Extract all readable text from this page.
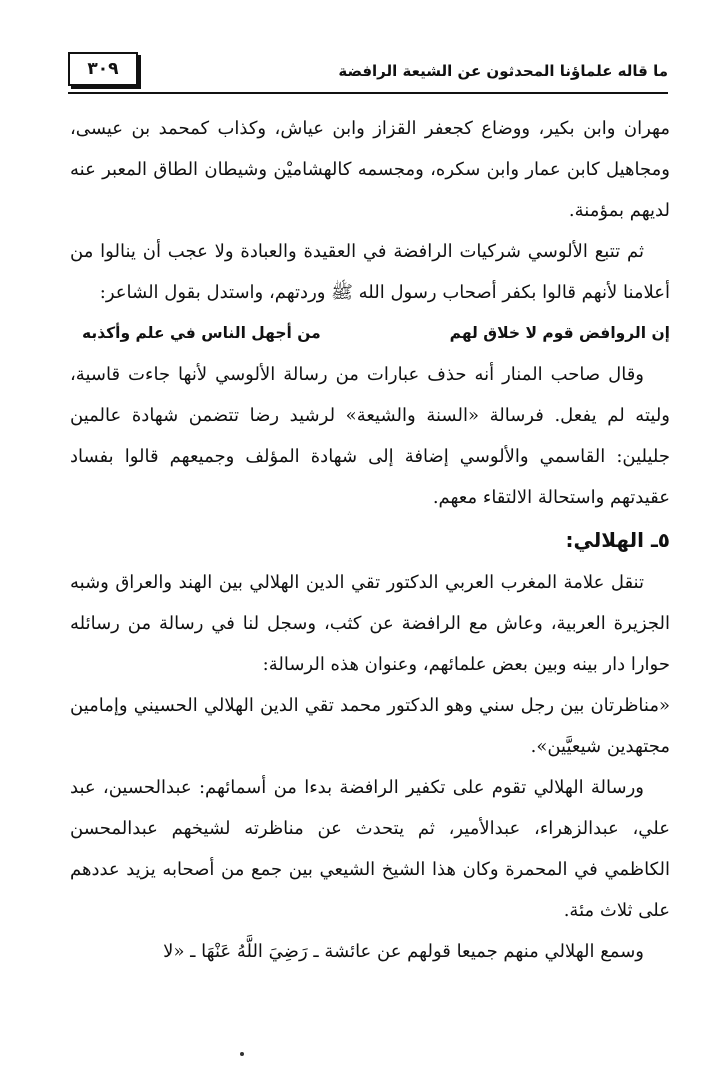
٣٠٩	ما قاله علماؤنا المحدثون عن الشيعة الرافضة

مهران وابن بكير، ووضاع كجعفر القزاز وابن عياش، وكذاب كمحمد بن عيسى، ومجاهيل كابن عمار وابن سكره، ومجسمه كالهشاميْن وشيطان الطاق المعبر عنه لديهم بمؤمنة.

ثم تتبع الألوسي شركيات الرافضة في العقيدة والعبادة ولا عجب أن ينالوا من أعلامنا لأنهم قالوا بكفر أصحاب رسول الله ﷺ وردتهم، واستدل بقول الشاعر:

إن الروافض قوم لا خلاق لهم
من أجهل الناس في علم وأكذبه

وقال صاحب المنار أنه حذف عبارات من رسالة الألوسي لأنها جاءت قاسية، وليته لم يفعل. فرسالة «السنة والشيعة» لرشيد رضا تتضمن شهادة عالمين جليلين: القاسمي والألوسي إضافة إلى شهادة المؤلف وجميعهم قالوا بفساد عقيدتهم واستحالة الالتقاء معهم.

٥ـ الهلالي:

تنقل علامة المغرب العربي الدكتور تقي الدين الهلالي بين الهند والعراق وشبه الجزيرة العربية، وعاش مع الرافضة عن كثب، وسجل لنا في رسالة من رسائله حوارا دار بينه وبين بعض علمائهم، وعنوان هذه الرسالة:

«مناظرتان بين رجل سني وهو الدكتور محمد تقي الدين الهلالي الحسيني وإمامين مجتهدين شيعيَّين».

ورسالة الهلالي تقوم على تكفير الرافضة بدءا من أسمائهم: عبدالحسين، عبد علي، عبدالزهراء، عبدالأمير، ثم يتحدث عن مناظرته لشيخهم عبدالمحسن الكاظمي في المحمرة وكان هذا الشيخ الشيعي بين جمع من أصحابه يزيد عددهم على ثلاث مئة.

وسمع الهلالي منهم جميعا قولهم عن عائشة ـ رَضِيَ اللَّهُ عَنْهَا ـ «لا
